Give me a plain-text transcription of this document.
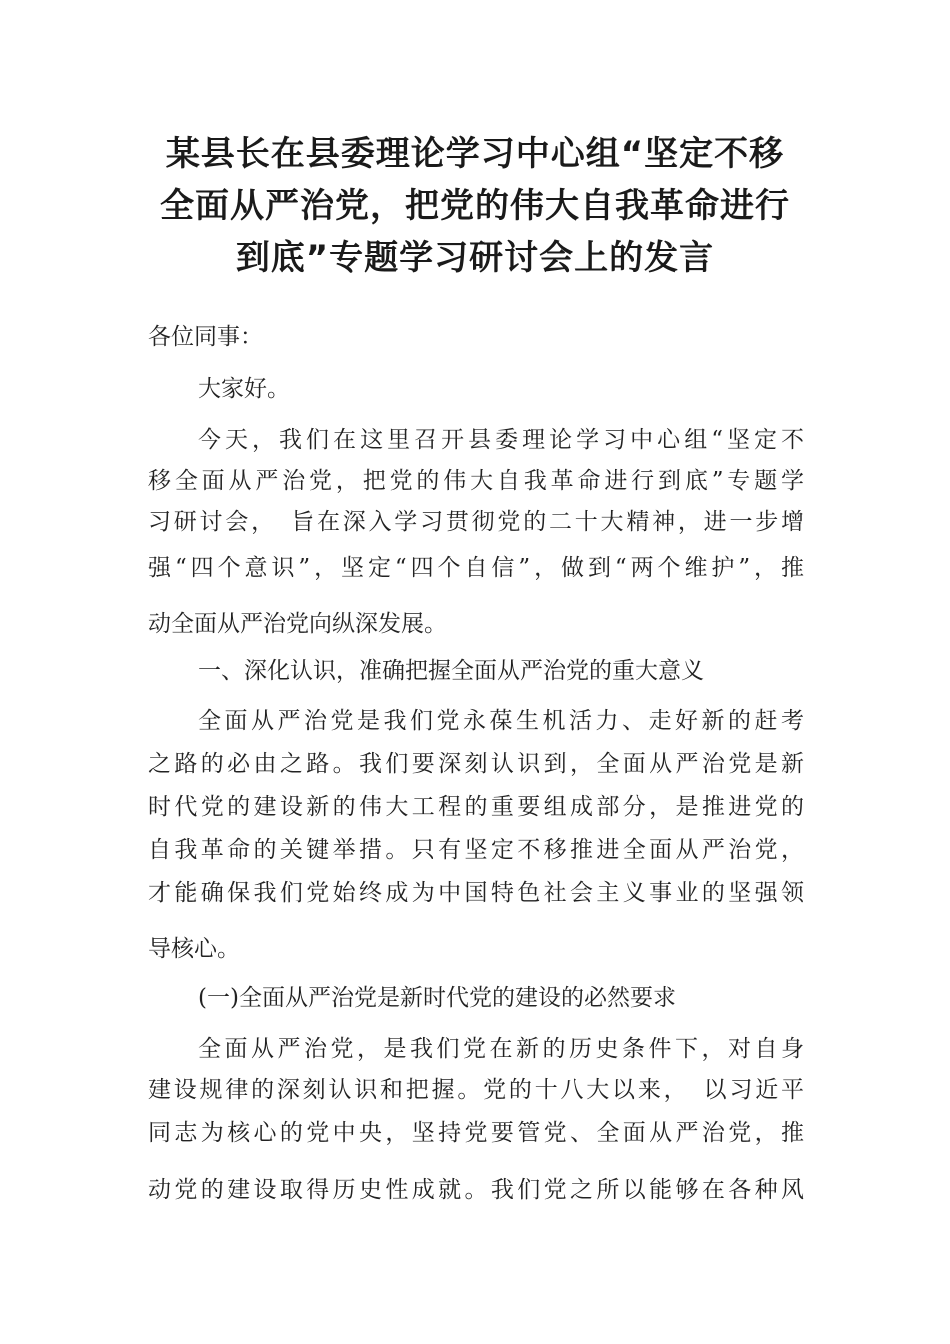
某县长在县委理论学习中心组“坚定不移
全面从严治党，把党的伟大自我革命进行
到底”专题学习研讨会上的发言
各位同事：
大家好。
今天，我们在这里召开县委理论学习中心组“坚定不
移全面从严治党，把党的伟大自我革命进行到底”专题学
习研讨会，　旨在深入学习贯彻党的二十大精神，进一步增
强“四个意识”，坚定“四个自信”，做到“两个维护”，推
动全面从严治党向纵深发展。
一、深化认识，准确把握全面从严治党的重大意义
全面从严治党是我们党永葆生机活力、走好新的赶考
之路的必由之路。我们要深刻认识到，全面从严治党是新
时代党的建设新的伟大工程的重要组成部分，是推进党的
自我革命的关键举措。只有坚定不移推进全面从严治党，
才能确保我们党始终成为中国特色社会主义事业的坚强领
导核心。
(一)全面从严治党是新时代党的建设的必然要求
全面从严治党，是我们党在新的历史条件下，对自身
建设规律的深刻认识和把握。党的十八大以来，　以习近平
同志为核心的党中央，坚持党要管党、全面从严治党，推
动党的建设取得历史性成就。我们党之所以能够在各种风
